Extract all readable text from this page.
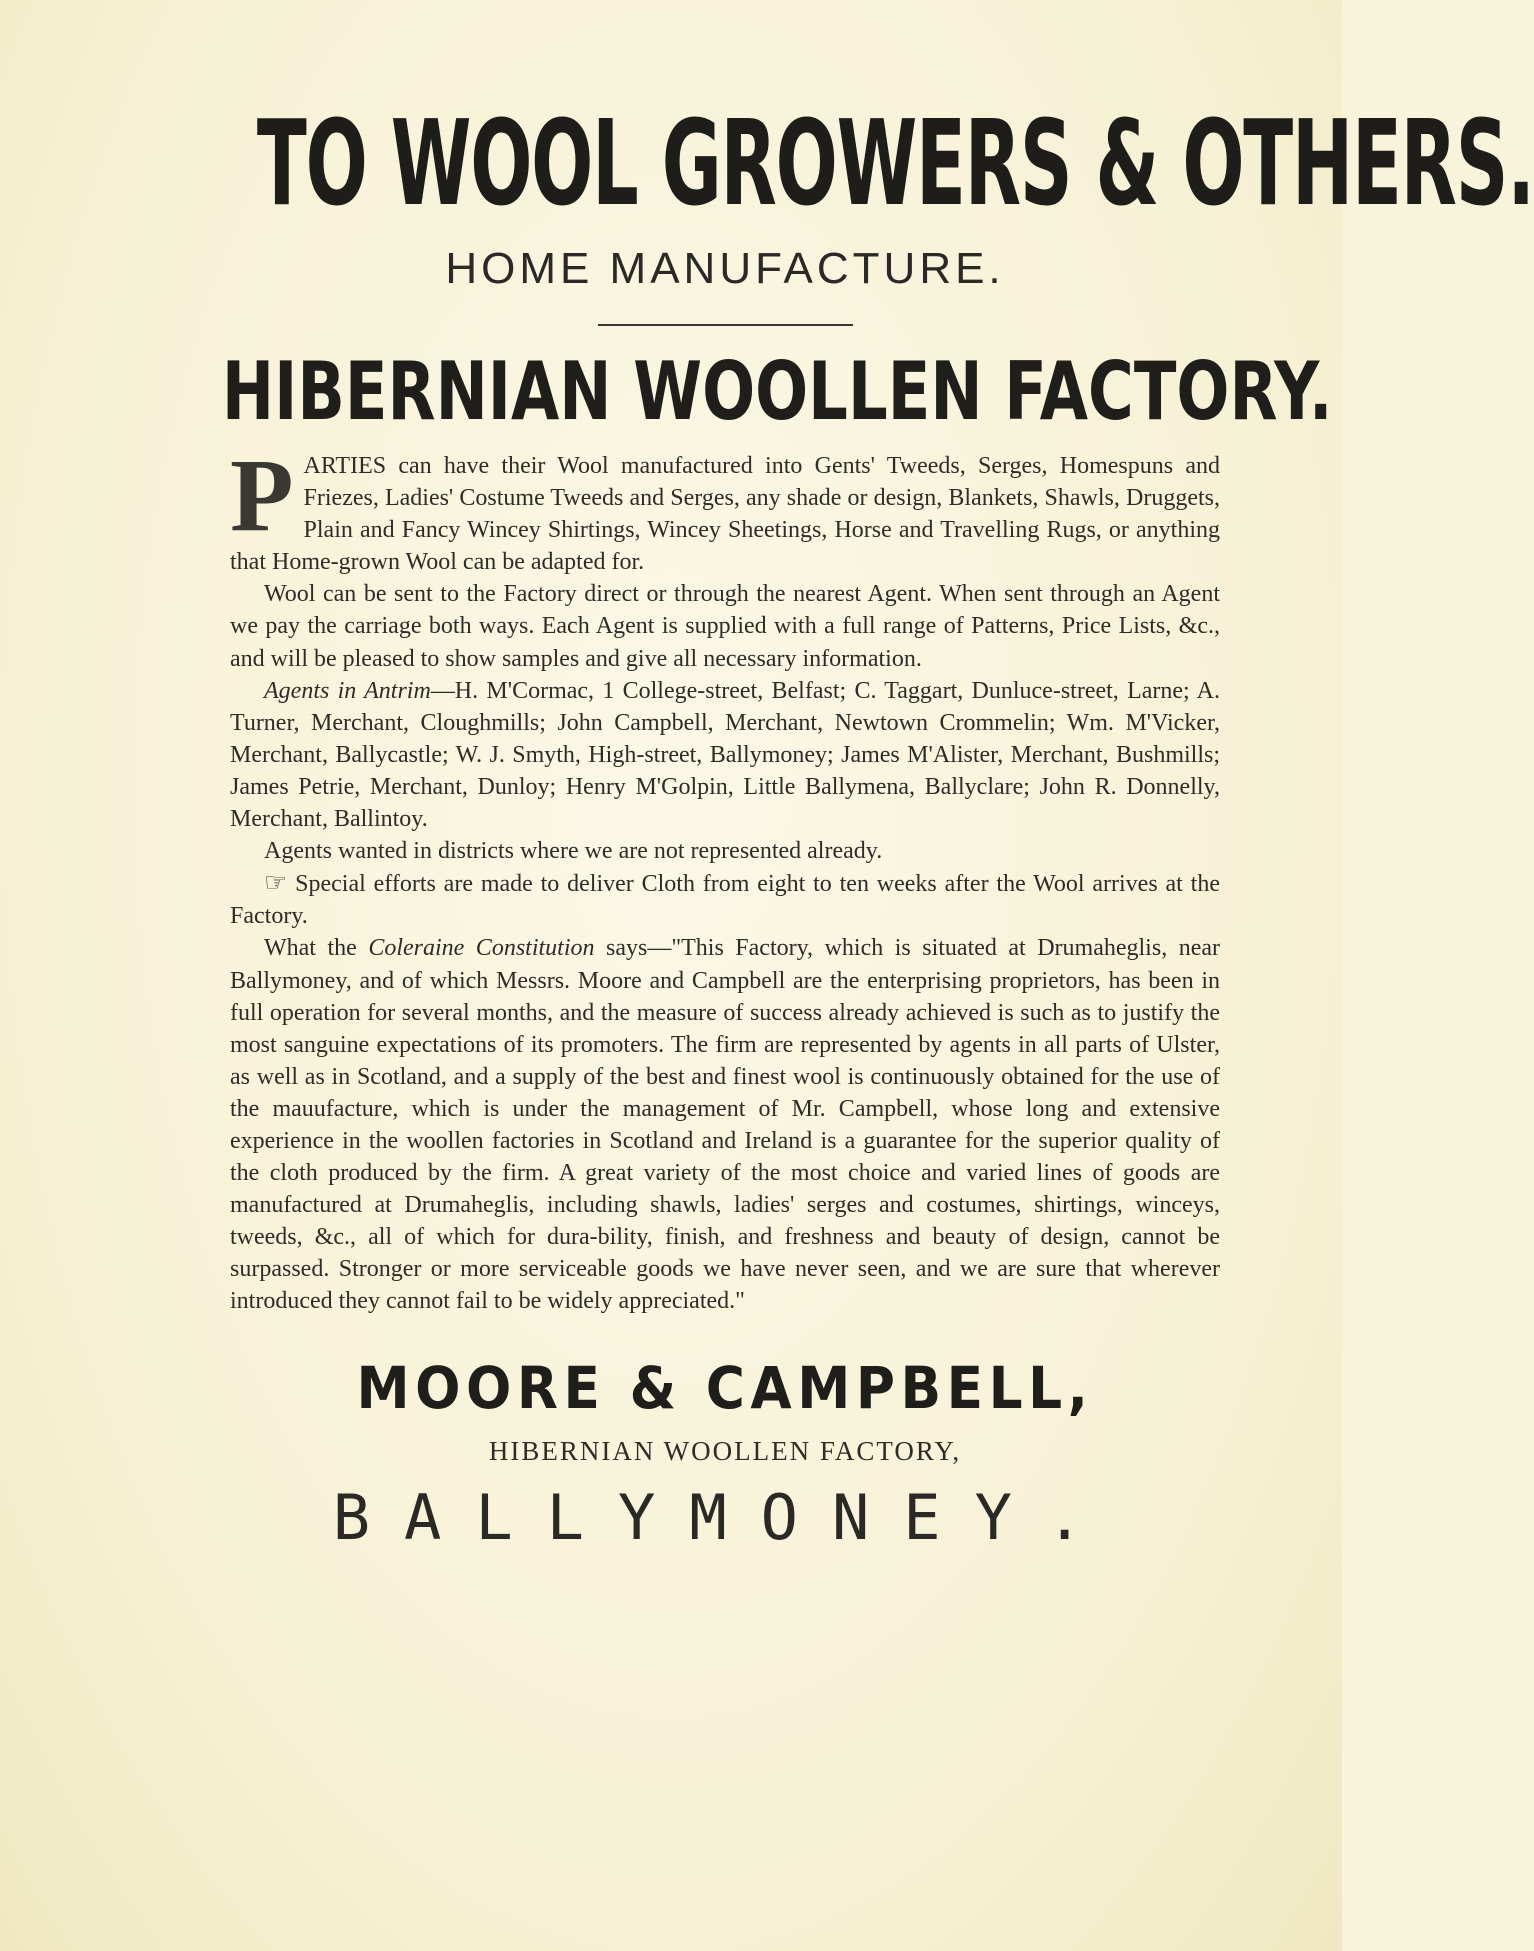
TO WOOL GROWERS & OTHERS.
HOME MANUFACTURE.
HIBERNIAN WOOLLEN FACTORY.

PARTIES can have their Wool manufactured into Gents' Tweeds, Serges, Homespuns and Friezes, Ladies' Costume Tweeds and Serges, any shade or design, Blankets, Shawls, Druggets, Plain and Fancy Wincey Shirtings, Wincey Sheetings, Horse and Travelling Rugs, or anything that Home-grown Wool can be adapted for.

Wool can be sent to the Factory direct or through the nearest Agent. When sent through an Agent we pay the carriage both ways. Each Agent is supplied with a full range of Patterns, Price Lists, &c., and will be pleased to show samples and give all necessary information.

Agents in Antrim—H. M'Cormac, 1 College-street, Belfast; C. Taggart, Dunluce-street, Larne; A. Turner, Merchant, Cloughmills; John Campbell, Merchant, Newtown Crommelin; Wm. M'Vicker, Merchant, Ballycastle; W. J. Smyth, High-street, Ballymoney; James M'Alister, Merchant, Bushmills; James Petrie, Merchant, Dunloy; Henry M'Golpin, Little Ballymena, Ballyclare; John R. Donnelly, Merchant, Ballintoy.

Agents wanted in districts where we are not represented already.

☞ Special efforts are made to deliver Cloth from eight to ten weeks after the Wool arrives at the Factory.

What the Coleraine Constitution says—"This Factory, which is situated at Drumaheglis, near Ballymoney, and of which Messrs. Moore and Campbell are the enterprising proprietors, has been in full operation for several months, and the measure of success already achieved is such as to justify the most sanguine expectations of its promoters. The firm are represented by agents in all parts of Ulster, as well as in Scotland, and a supply of the best and finest wool is continuously obtained for the use of the mauufacture, which is under the management of Mr. Campbell, whose long and extensive experience in the woollen factories in Scotland and Ireland is a guarantee for the superior quality of the cloth produced by the firm. A great variety of the most choice and varied lines of goods are manufactured at Drumaheglis, including shawls, ladies' serges and costumes, shirtings, winceys, tweeds, &c., all of which for dura-bility, finish, and freshness and beauty of design, cannot be surpassed. Stronger or more serviceable goods we have never seen, and we are sure that wherever introduced they cannot fail to be widely appreciated."

MOORE & CAMPBELL,
HIBERNIAN WOOLLEN FACTORY,
BALLYMONEY.
